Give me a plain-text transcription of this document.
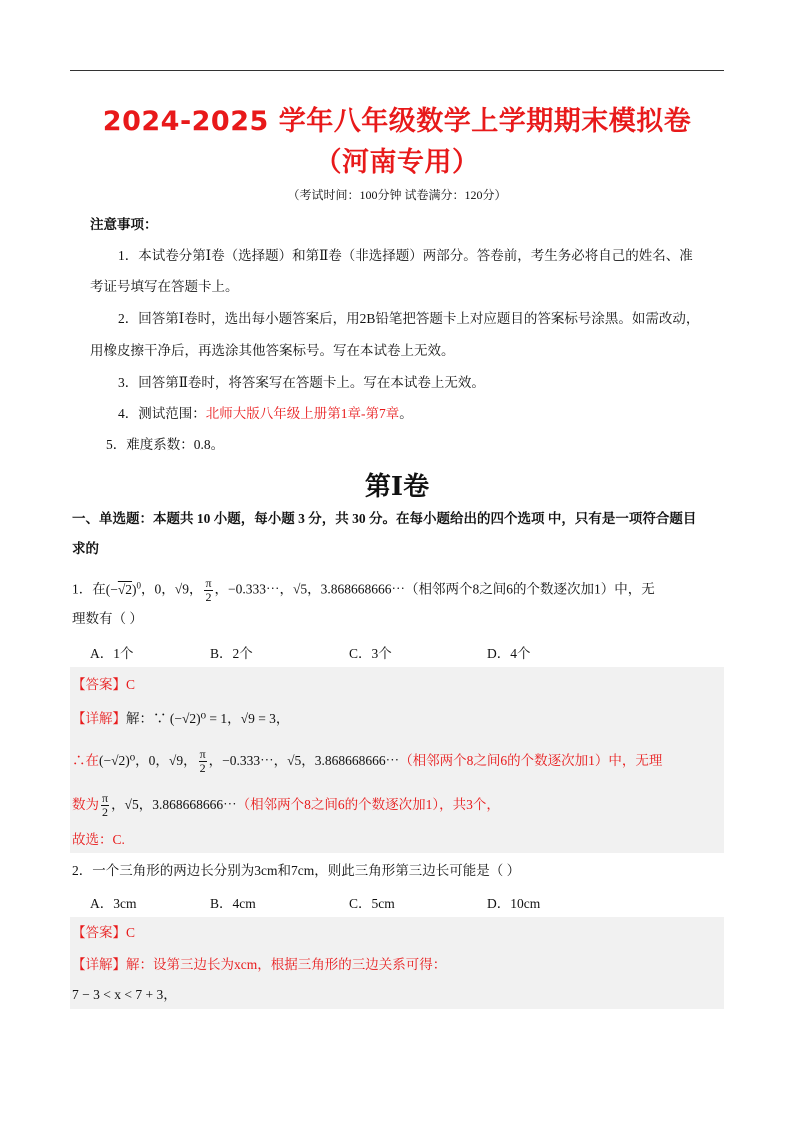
2024-2025 学年八年级数学上学期期末模拟卷
（河南专用）
（考试时间：100分钟 试卷满分：120分）
注意事项：
1．本试卷分第Ⅰ卷（选择题）和第Ⅱ卷（非选择题）两部分。答卷前，考生务必将自己的姓名、准
考证号填写在答题卡上。
2．回答第Ⅰ卷时，选出每小题答案后，用2B铅笔把答题卡上对应题目的答案标号涂黑。如需改动，
用橡皮擦干净后，再选涂其他答案标号。写在本试卷上无效。
3．回答第Ⅱ卷时，将答案写在答题卡上。写在本试卷上无效。
4．测试范围：北师大版八年级上册第1章-第7章。
5．难度系数：0.8。
第Ⅰ卷
一、单选题：本题共 10 小题，每小题 3 分，共 30 分。在每小题给出的四个选项 中，只有是一项符合题目
求的
1．在$(-√2)^0$，0，√9， $\frac{\pi}{2}$ ，−0.333⋯，√5，3.868668666⋯（相邻两个8之间6的个数逐次加1）中，无
理数有（ ）
A．1个	B．2个	C．3个	D．4个
【答案】C
【详解】解：∵ (−√2)⁰ = 1，√9 = 3，
∴在(−√2)⁰，0，√9， $\frac{\pi}{2}$ ，−0.333⋯，√5，3.868668666⋯（相邻两个8之间6的个数逐次加1）中，无理
数为 $\frac{\pi}{2}$ ，√5，3.868668666⋯（相邻两个8之间6的个数逐次加1），共3个，
故选：C.
2．一个三角形的两边长分别为3cm和7cm，则此三角形第三边长可能是（ ）
A．3cm	B．4cm	C．5cm	D．10cm
【答案】C
【详解】解：设第三边长为xcm，根据三角形的三边关系可得：
7 − 3 < x < 7 + 3，
